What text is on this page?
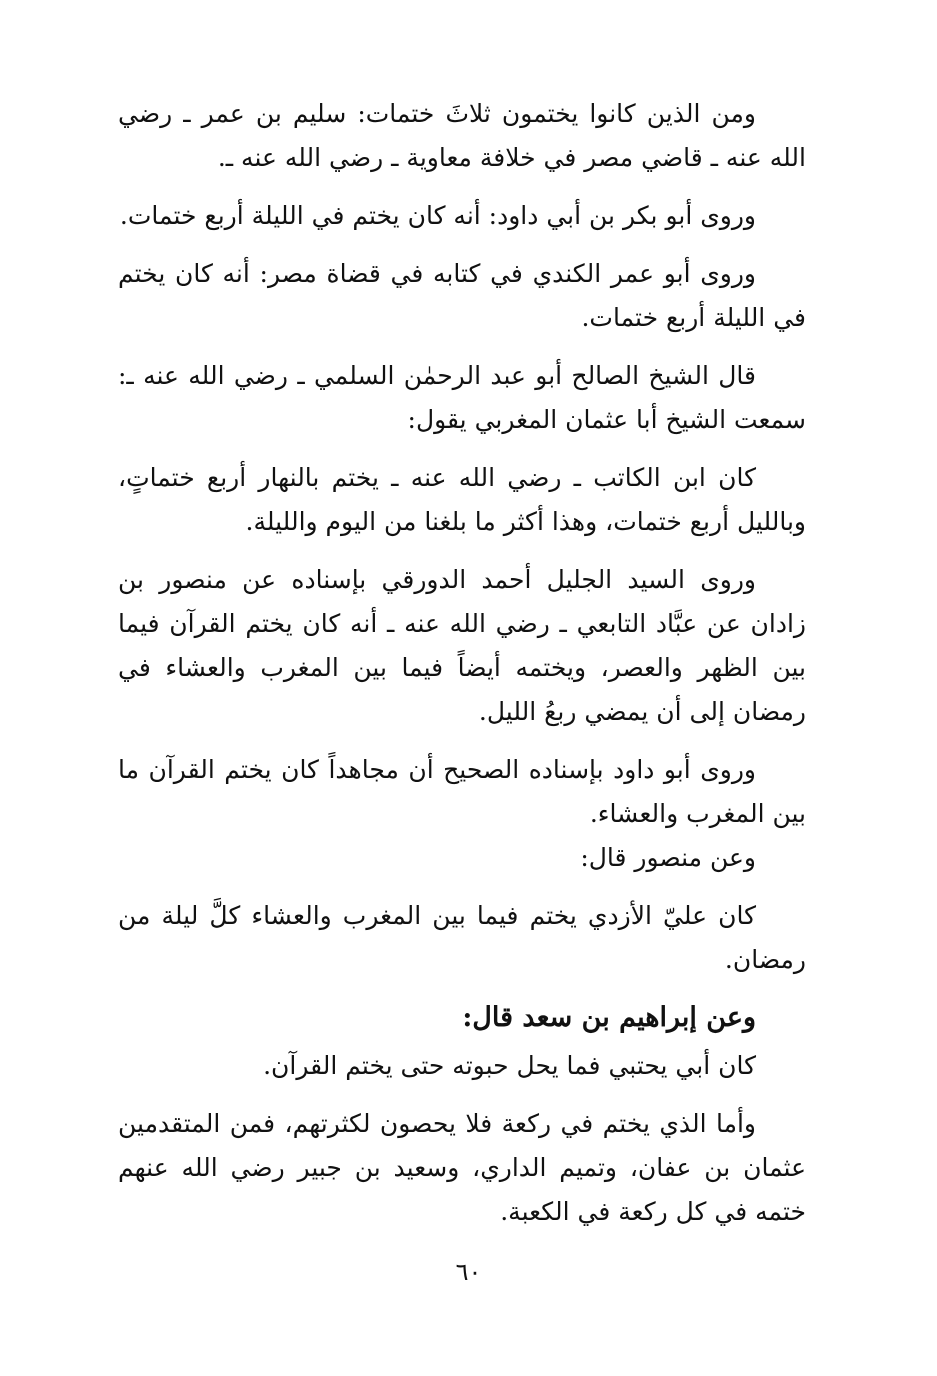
ومن الذين كانوا يختمون ثلاثَ ختمات: سليم بن عمر ـ رضي الله عنه ـ قاضي مصر في خلافة معاوية ـ رضي الله عنه ـ.

وروى أبو بكر بن أبي داود: أنه كان يختم في الليلة أربع ختمات.

وروى أبو عمر الكندي في كتابه في قضاة مصر: أنه كان يختم في الليلة أربع ختمات.

قال الشيخ الصالح أبو عبد الرحمٰن السلمي ـ رضي الله عنه ـ: سمعت الشيخ أبا عثمان المغربي يقول:

كان ابن الكاتب ـ رضي الله عنه ـ يختم بالنهار أربع ختماتٍ، وبالليل أربع ختمات، وهذا أكثر ما بلغنا من اليوم والليلة.

وروى السيد الجليل أحمد الدورقي بإسناده عن منصور بن زادان عن عبَّاد التابعي ـ رضي الله عنه ـ أنه كان يختم القرآن فيما بين الظهر والعصر، ويختمه أيضاً فيما بين المغرب والعشاء في رمضان إلى أن يمضي ربعُ الليل.

وروى أبو داود بإسناده الصحيح أن مجاهداً كان يختم القرآن ما بين المغرب والعشاء.

وعن منصور قال:

كان عليّ الأزدي يختم فيما بين المغرب والعشاء كلَّ ليلة من رمضان.

وعن إبراهيم بن سعد قال:

كان أبي يحتبي فما يحل حبوته حتى يختم القرآن.

وأما الذي يختم في ركعة فلا يحصون لكثرتهم، فمن المتقدمين عثمان بن عفان، وتميم الداري، وسعيد بن جبير رضي الله عنهم ختمه في كل ركعة في الكعبة.

٦٠
